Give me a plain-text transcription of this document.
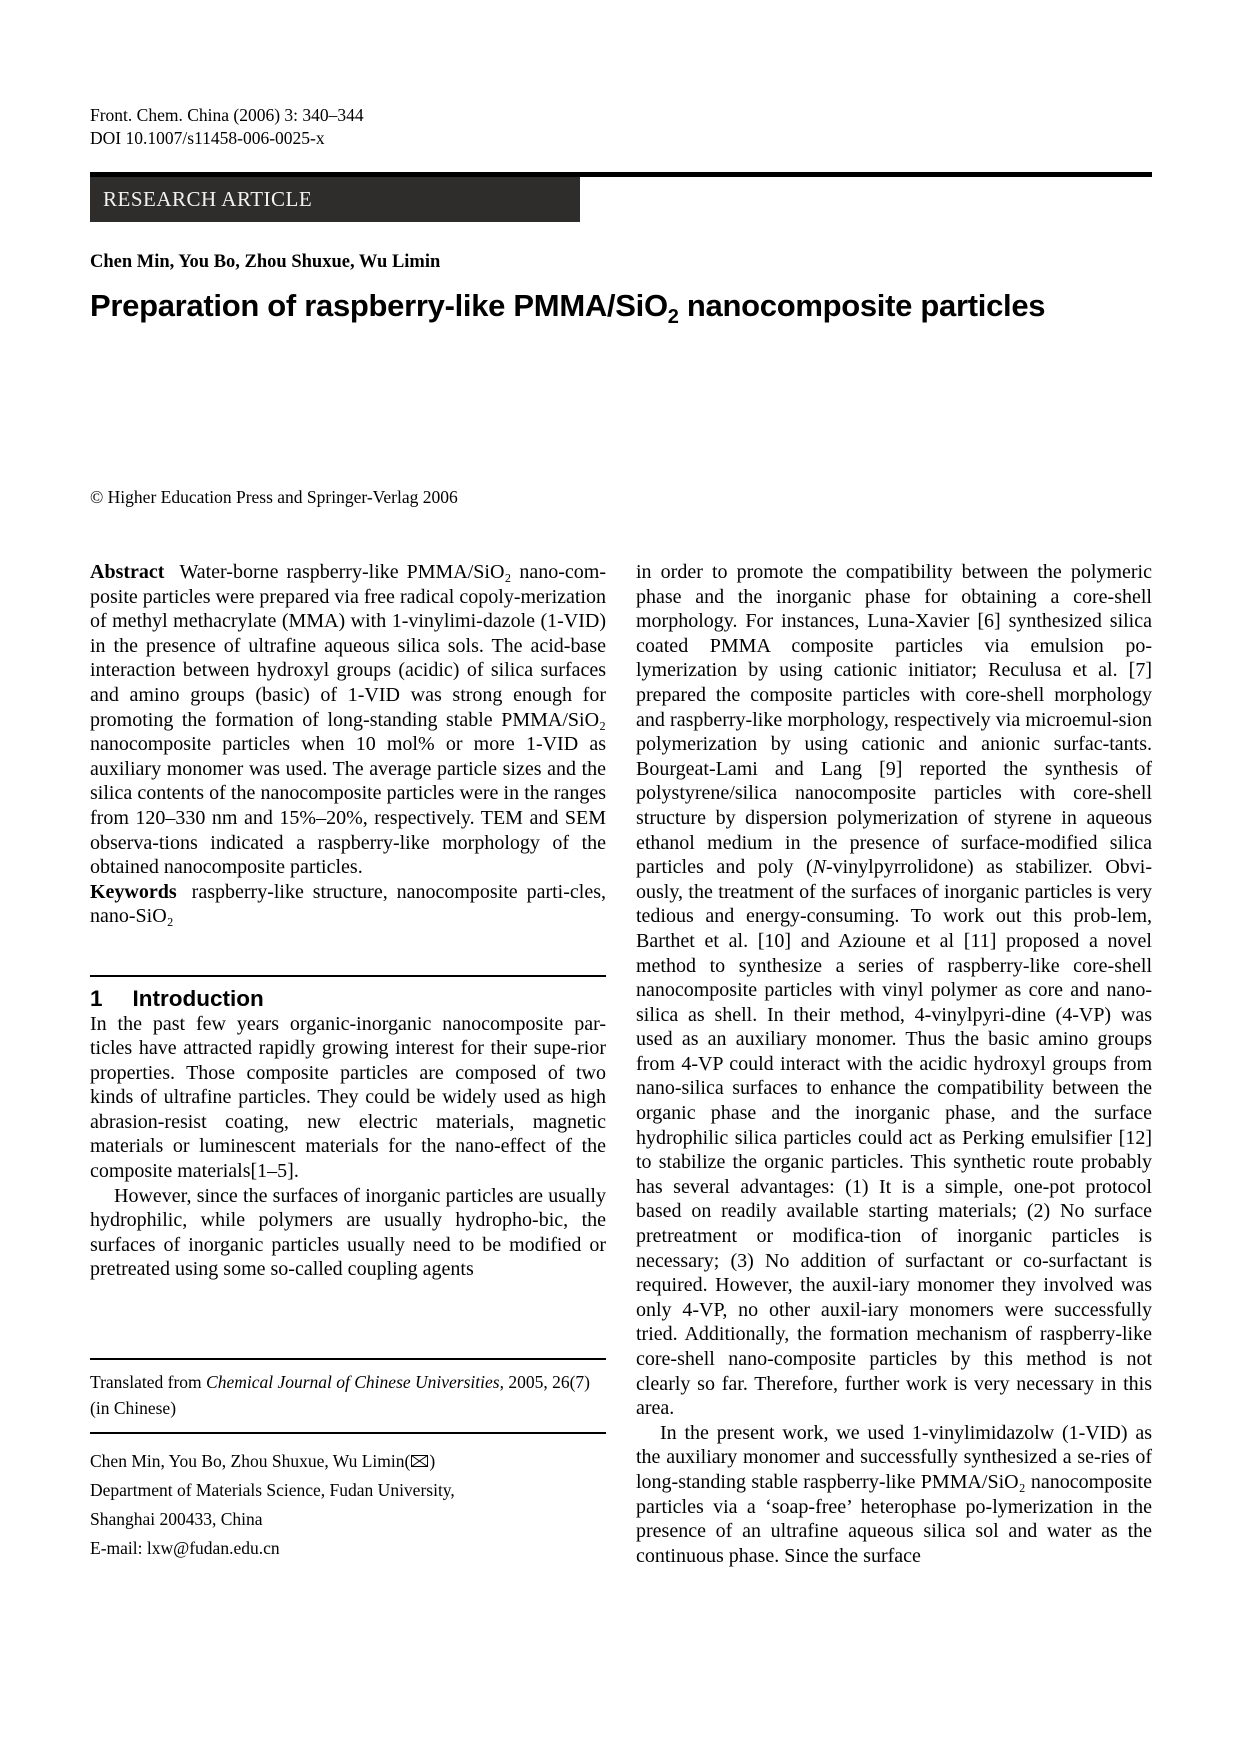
Front. Chem. China (2006) 3: 340–344
DOI 10.1007/s11458-006-0025-x
RESEARCH ARTICLE
Chen Min, You Bo, Zhou Shuxue, Wu Limin
Preparation of raspberry-like PMMA/SiO$_2$ nanocomposite particles
© Higher Education Press and Springer-Verlag 2006

Abstract Water-borne raspberry-like PMMA/SiO₂ nano-com-posite particles were prepared via free radical copoly-merization of methyl methacrylate (MMA) with 1-vinylimi-dazole (1-VID) in the presence of ultrafine aqueous silica sols. The acid-base interaction between hydroxyl groups (acidic) of silica surfaces and amino groups (basic) of 1-VID was strong enough for promoting the formation of long-standing stable PMMA/SiO₂ nanocomposite particles when 10 mol% or more 1-VID as auxiliary monomer was used. The average particle sizes and the silica contents of the nanocomposite particles were in the ranges from 120–330 nm and 15%–20%, respectively. TEM and SEM observa-tions indicated a raspberry-like morphology of the obtained nanocomposite particles.

Keywords raspberry-like structure, nanocomposite parti-cles, nano-SiO₂

1 Introduction

In the past few years organic-inorganic nanocomposite par-ticles have attracted rapidly growing interest for their supe-rior properties. Those composite particles are composed of two kinds of ultrafine particles. They could be widely used as high abrasion-resist coating, new electric materials, magnetic materials or luminescent materials for the nano-effect of the composite materials[1–5].

However, since the surfaces of inorganic particles are usually hydrophilic, while polymers are usually hydropho-bic, the surfaces of inorganic particles usually need to be modified or pretreated using some so-called coupling agents

Translated from Chemical Journal of Chinese Universities, 2005, 26(7)
(in Chinese)
Chen Min, You Bo, Zhou Shuxue, Wu Limin( )
Department of Materials Science, Fudan University,
Shanghai 200433, China
E-mail: lxw@fudan.edu.cn

in order to promote the compatibility between the polymeric phase and the inorganic phase for obtaining a core-shell morphology. For instances, Luna-Xavier [6] synthesized silica coated PMMA composite particles via emulsion po-lymerization by using cationic initiator; Reculusa et al. [7] prepared the composite particles with core-shell morphology and raspberry-like morphology, respectively via microemul-sion polymerization by using cationic and anionic surfac-tants. Bourgeat-Lami and Lang [9] reported the synthesis of polystyrene/silica nanocomposite particles with core-shell structure by dispersion polymerization of styrene in aqueous ethanol medium in the presence of surface-modified silica particles and poly (N-vinylpyrrolidone) as stabilizer. Obvi-ously, the treatment of the surfaces of inorganic particles is very tedious and energy-consuming. To work out this prob-lem, Barthet et al. [10] and Azioune et al [11] proposed a novel method to synthesize a series of raspberry-like core-shell nanocomposite particles with vinyl polymer as core and nano-silica as shell. In their method, 4-vinylpyri-dine (4-VP) was used as an auxiliary monomer. Thus the basic amino groups from 4-VP could interact with the acidic hydroxyl groups from nano-silica surfaces to enhance the compatibility between the organic phase and the inorganic phase, and the surface hydrophilic silica particles could act as Perking emulsifier [12] to stabilize the organic particles. This synthetic route probably has several advantages: (1) It is a simple, one-pot protocol based on readily available starting materials; (2) No surface pretreatment or modifica-tion of inorganic particles is necessary; (3) No addition of surfactant or co-surfactant is required. However, the auxil-iary monomer they involved was only 4-VP, no other auxil-iary monomers were successfully tried. Additionally, the formation mechanism of raspberry-like core-shell nano-composite particles by this method is not clearly so far. Therefore, further work is very necessary in this area.

In the present work, we used 1-vinylimidazolw (1-VID) as the auxiliary monomer and successfully synthesized a se-ries of long-standing stable raspberry-like PMMA/SiO₂ nanocomposite particles via a ‘soap-free’ heterophase po-lymerization in the presence of an ultrafine aqueous silica sol and water as the continuous phase. Since the surface
